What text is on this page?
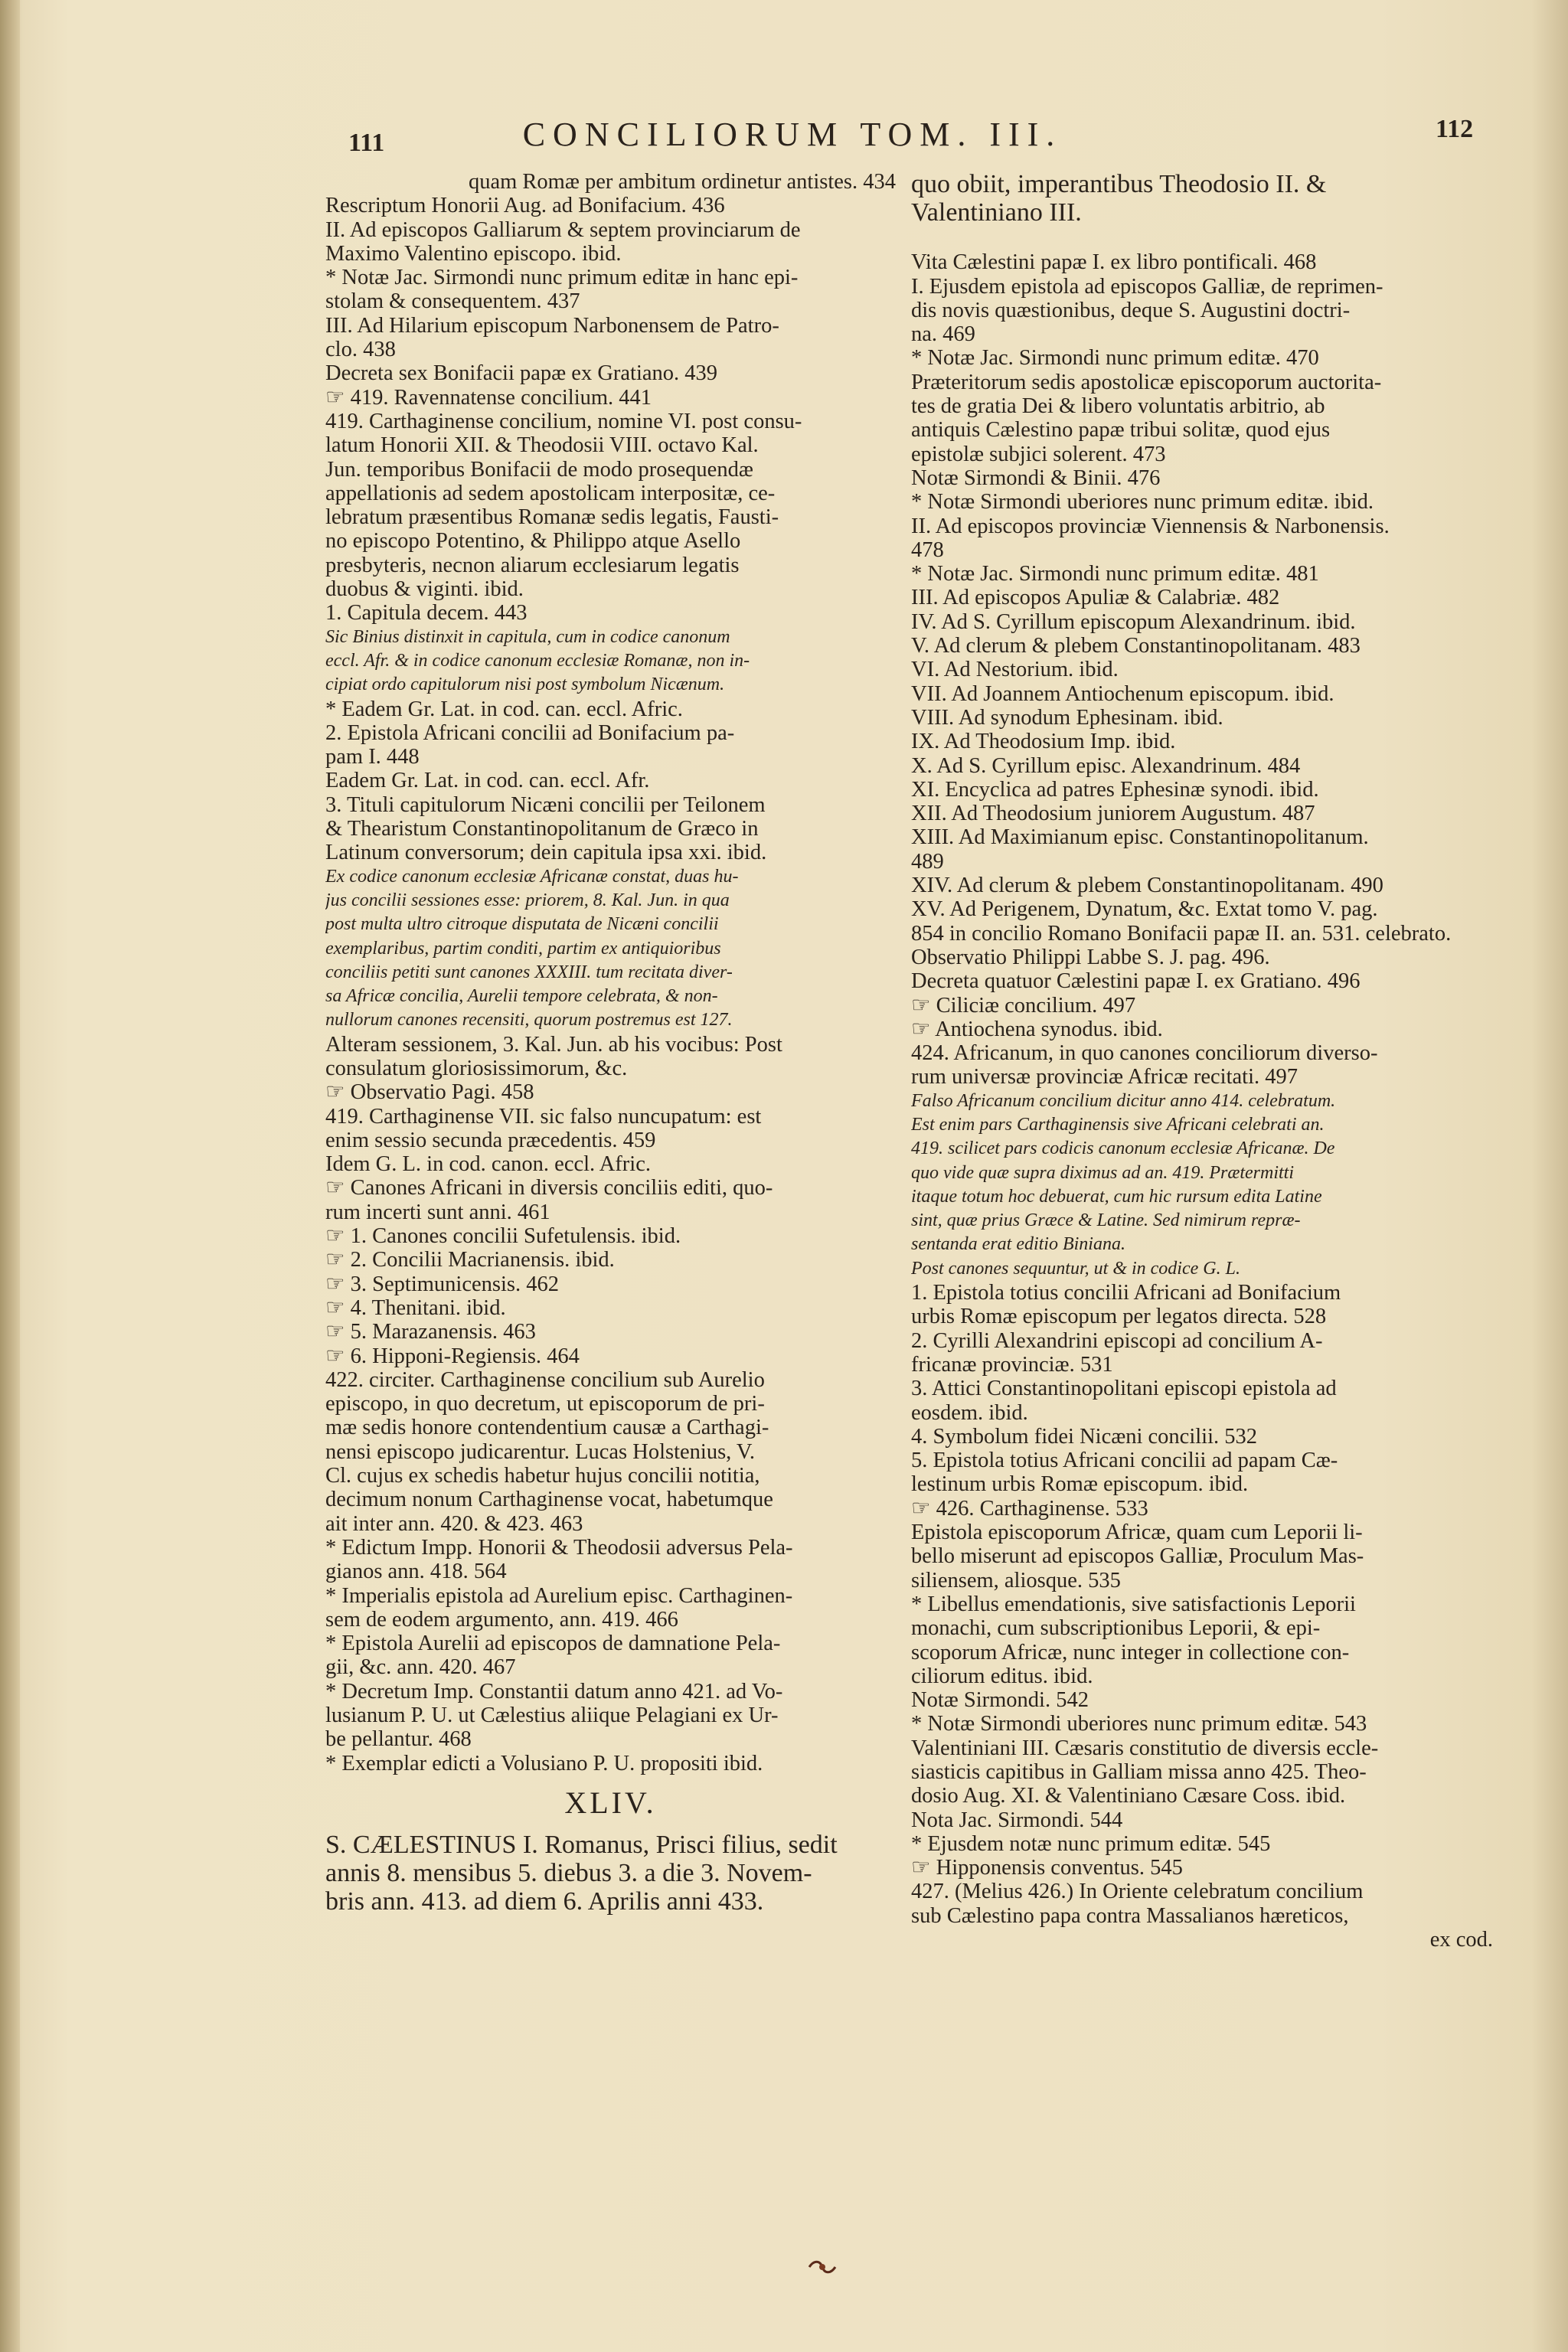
111	CONCILIORUM TOM. III.	112
quam Romæ per ambitum ordinetur antistes. 434
Rescriptum Honorii Aug. ad Bonifacium. 436
II. Ad episcopos Galliarum & septem provinciarum de
Maximo Valentino episcopo. ibid.
* Notæ Jac. Sirmondi nunc primum editæ in hanc epi-
stolam & consequentem. 437
III. Ad Hilarium episcopum Narbonensem de Patro-
clo. 438
Decreta sex Bonifacii papæ ex Gratiano. 439
☞ 419. Ravennatense concilium. 441
419. Carthaginense concilium, nomine VI. post consu-
latum Honorii XII. & Theodosii VIII. octavo Kal.
Jun. temporibus Bonifacii de modo prosequendæ
appellationis ad sedem apostolicam interpositæ, ce-
lebratum præsentibus Romanæ sedis legatis, Fausti-
no episcopo Potentino, & Philippo atque Asello
presbyteris, necnon aliarum ecclesiarum legatis
duobus & viginti. ibid.
1. Capitula decem. 443
Sic Binius distinxit in capitula, cum in codice canonum
eccl. Afr. & in codice canonum ecclesiæ Romanæ, non in-
cipiat ordo capitulorum nisi post symbolum Nicænum.
* Eadem Gr. Lat. in cod. can. eccl. Afric.
2. Epistola Africani concilii ad Bonifacium pa-
pam I. 448
Eadem Gr. Lat. in cod. can. eccl. Afr.
3. Tituli capitulorum Nicæni concilii per Teilonem
& Thearistum Constantinopolitanum de Græco in
Latinum conversorum; dein capitula ipsa xxi. ibid.
Ex codice canonum ecclesiæ Africanæ constat, duas hu-
jus concilii sessiones esse: priorem, 8. Kal. Jun. in qua
post multa ultro citroque disputata de Nicæni concilii
exemplaribus, partim conditi, partim ex antiquioribus
conciliis petiti sunt canones XXXIII. tum recitata diver-
sa Africæ concilia, Aurelii tempore celebrata, & non-
nullorum canones recensiti, quorum postremus est 127.
Alteram sessionem, 3. Kal. Jun. ab his vocibus: Post
consulatum gloriosissimorum, &c.
☞ Observatio Pagi. 458
419. Carthaginense VII. sic falso nuncupatum: est
enim sessio secunda præcedentis. 459
Idem G. L. in cod. canon. eccl. Afric.
☞ Canones Africani in diversis conciliis editi, quo-
rum incerti sunt anni. 461
☞ 1. Canones concilii Sufetulensis. ibid.
☞ 2. Concilii Macrianensis. ibid.
☞ 3. Septimunicensis. 462
☞ 4. Thenitani. ibid.
☞ 5. Marazanensis. 463
☞ 6. Hipponi-Regiensis. 464
422. circiter. Carthaginense concilium sub Aurelio
episcopo, in quo decretum, ut episcoporum de pri-
mæ sedis honore contendentium causæ a Carthagi-
nensi episcopo judicarentur. Lucas Holstenius, V.
Cl. cujus ex schedis habetur hujus concilii notitia,
decimum nonum Carthaginense vocat, habetumque
ait inter ann. 420. & 423. 463
* Edictum Impp. Honorii & Theodosii adversus Pela-
gianos ann. 418. 564
* Imperialis epistola ad Aurelium episc. Carthaginen-
sem de eodem argumento, ann. 419. 466
* Epistola Aurelii ad episcopos de damnatione Pela-
gii, &c. ann. 420. 467
* Decretum Imp. Constantii datum anno 421. ad Vo-
lusianum P. U. ut Cælestius aliique Pelagiani ex Ur-
be pellantur. 468
* Exemplar edicti a Volusiano P. U. propositi ibid.
XLIV.
S. CÆLESTINUS I. Romanus, Prisci filius, sedit
annis 8. mensibus 5. diebus 3. a die 3. Novem-
bris ann. 413. ad diem 6. Aprilis anni 433.
quo obiit, imperantibus Theodosio II. &
Valentiniano III.

Vita Cælestini papæ I. ex libro pontificali. 468
I. Ejusdem epistola ad episcopos Galliæ, de reprimen-
dis novis quæstionibus, deque S. Augustini doctri-
na. 469
* Notæ Jac. Sirmondi nunc primum editæ. 470
Præteritorum sedis apostolicæ episcoporum auctorita-
tes de gratia Dei & libero voluntatis arbitrio, ab
antiquis Cælestino papæ tribui solitæ, quod ejus
epistolæ subjici solerent. 473
Notæ Sirmondi & Binii. 476
* Notæ Sirmondi uberiores nunc primum editæ. ibid.
II. Ad episcopos provinciæ Viennensis & Narbonensis.
478
* Notæ Jac. Sirmondi nunc primum editæ. 481
III. Ad episcopos Apuliæ & Calabriæ. 482
IV. Ad S. Cyrillum episcopum Alexandrinum. ibid.
V. Ad clerum & plebem Constantinopolitanam. 483
VI. Ad Nestorium. ibid.
VII. Ad Joannem Antiochenum episcopum. ibid.
VIII. Ad synodum Ephesinam. ibid.
IX. Ad Theodosium Imp. ibid.
X. Ad S. Cyrillum episc. Alexandrinum. 484
XI. Encyclica ad patres Ephesinæ synodi. ibid.
XII. Ad Theodosium juniorem Augustum. 487
XIII. Ad Maximianum episc. Constantinopolitanum.
489
XIV. Ad clerum & plebem Constantinopolitanam. 490
XV. Ad Perigenem, Dynatum, &c. Extat tomo V. pag.
854 in concilio Romano Bonifacii papæ II. an. 531. celebrato.
Observatio Philippi Labbe S. J. pag. 496.
Decreta quatuor Cælestini papæ I. ex Gratiano. 496
☞ Ciliciæ concilium. 497
☞ Antiochena synodus. ibid.
424. Africanum, in quo canones conciliorum diverso-
rum universæ provinciæ Africæ recitati. 497
Falso Africanum concilium dicitur anno 414. celebratum.
Est enim pars Carthaginensis sive Africani celebrati an.
419. scilicet pars codicis canonum ecclesiæ Africanæ. De
quo vide quæ supra diximus ad an. 419. Prætermitti
itaque totum hoc debuerat, cum hic rursum edita Latine
sint, quæ prius Græce & Latine. Sed nimirum repræ-
sentanda erat editio Biniana.
Post canones sequuntur, ut & in codice G. L.
1. Epistola totius concilii Africani ad Bonifacium
urbis Romæ episcopum per legatos directa. 528
2. Cyrilli Alexandrini episcopi ad concilium A-
fricanæ provinciæ. 531
3. Attici Constantinopolitani episcopi epistola ad
eosdem. ibid.
4. Symbolum fidei Nicæni concilii. 532
5. Epistola totius Africani concilii ad papam Cæ-
lestinum urbis Romæ episcopum. ibid.
☞ 426. Carthaginense. 533
Epistola episcoporum Africæ, quam cum Leporii li-
bello miserunt ad episcopos Galliæ, Proculum Mas-
siliensem, aliosque. 535
* Libellus emendationis, sive satisfactionis Leporii
monachi, cum subscriptionibus Leporii, & epi-
scoporum Africæ, nunc integer in collectione con-
ciliorum editus. ibid.
Notæ Sirmondi. 542
* Notæ Sirmondi uberiores nunc primum editæ. 543
Valentiniani III. Cæsaris constitutio de diversis eccle-
siasticis capitibus in Galliam missa anno 425. Theo-
dosio Aug. XI. & Valentiniano Cæsare Coss. ibid.
Nota Jac. Sirmondi. 544
* Ejusdem notæ nunc primum editæ. 545
☞ Hipponensis conventus. 545
427. (Melius 426.) In Oriente celebratum concilium
sub Cælestino papa contra Massalianos hæreticos,
ex cod.
